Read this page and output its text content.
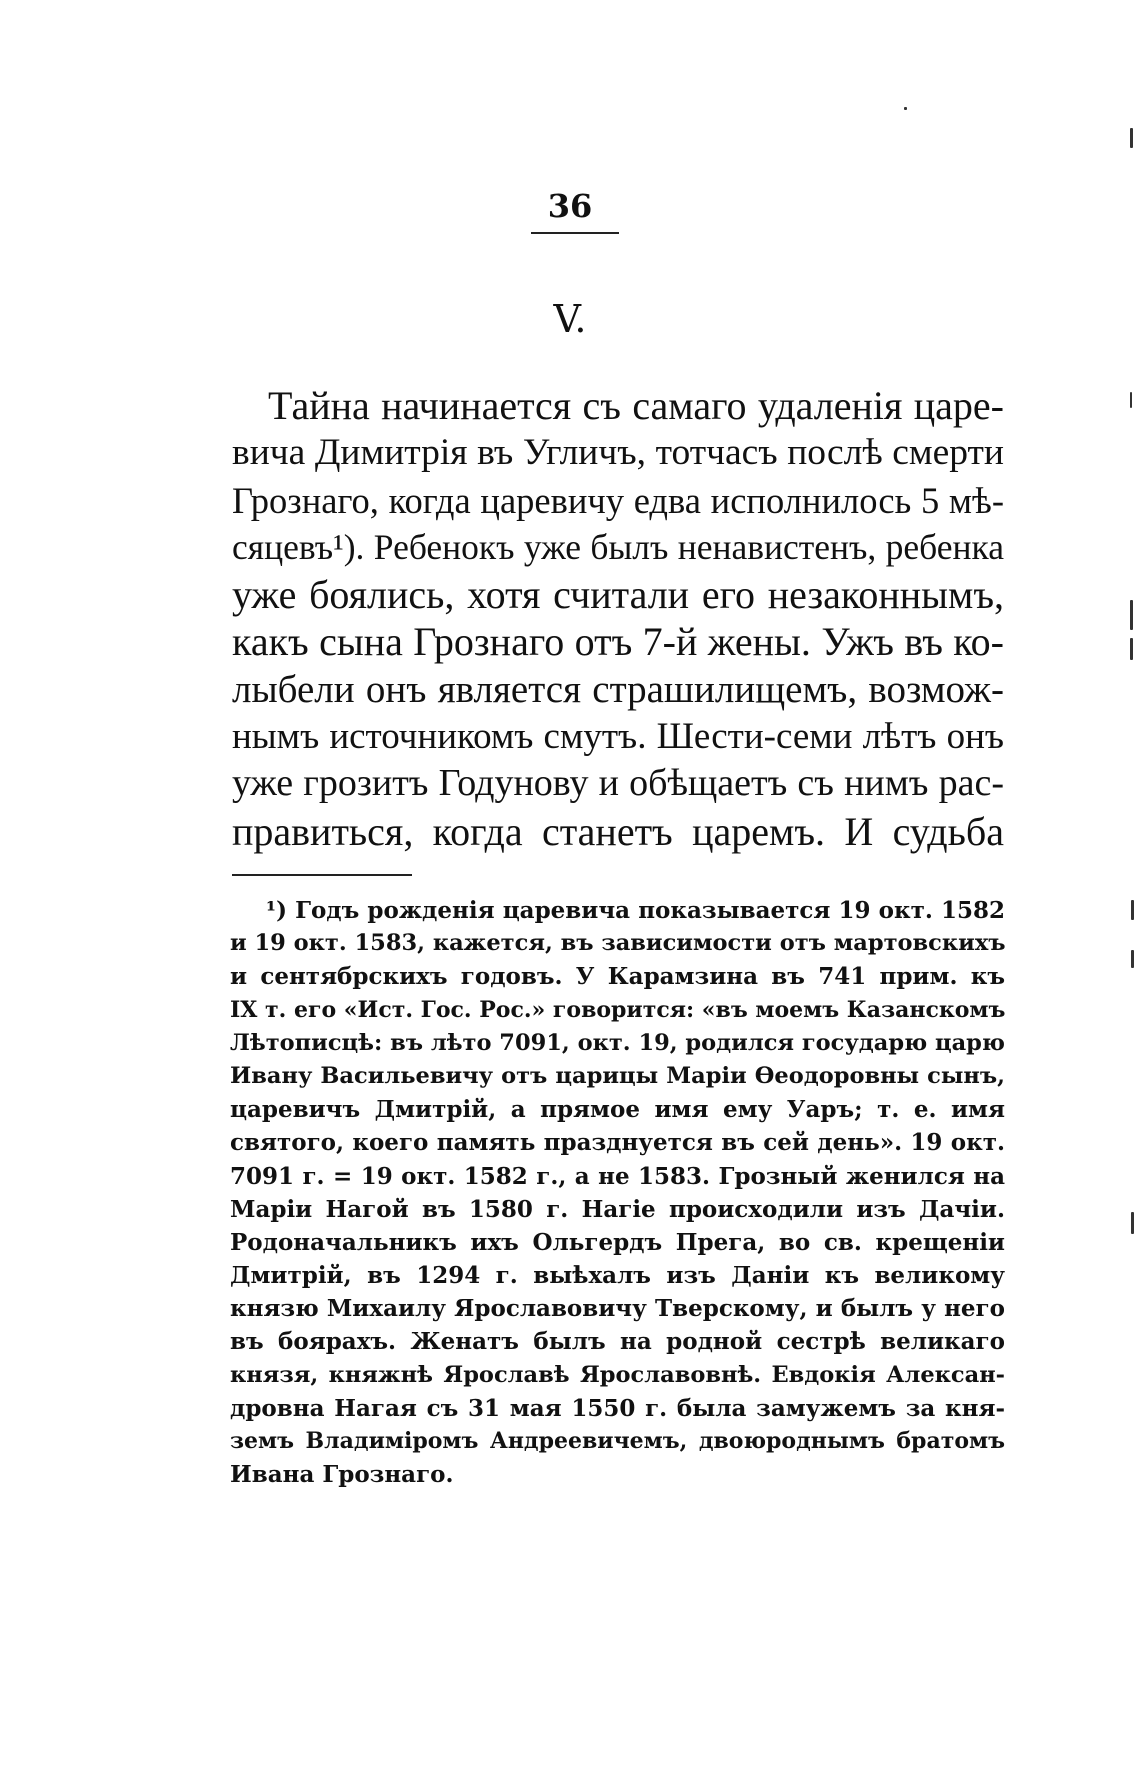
36
V.
Тайна начинается съ самаго удаленія царе-
вича Димитрія въ Угличъ, тотчасъ послѣ смерти
Грознаго, когда царевичу едва исполнилось 5 мѣ-
сяцевъ¹). Ребенокъ уже былъ ненавистенъ, ребенка
уже боялись, хотя считали его незаконнымъ,
какъ сына Грознаго отъ 7-й жены. Ужъ въ ко-
лыбели онъ является страшилищемъ, возмож-
нымъ источникомъ смутъ. Шести-семи лѣтъ онъ
уже грозитъ Годунову и обѣщаетъ съ нимъ рас-
правиться, когда станетъ царемъ. И судьба
¹) Годъ рожденія царевича показывается 19 окт. 1582
и 19 окт. 1583, кажется, въ зависимости отъ мартовскихъ
и сентябрскихъ годовъ. У Карамзина въ 741 прим. къ
IX т. его «Ист. Гос. Рос.» говорится: «въ моемъ Казанскомъ
Лѣтописцѣ: въ лѣто 7091, окт. 19, родился государю царю
Ивану Васильевичу отъ царицы Маріи Ѳеодоровны сынъ,
царевичъ Дмитрій, а прямое имя ему Уаръ; т. е. имя
святого, коего память празднуется въ сей день». 19 окт.
7091 г. = 19 окт. 1582 г., а не 1583. Грозный женился на
Маріи Нагой въ 1580 г. Нагіе происходили изъ Дачіи.
Родоначальникъ ихъ Ольгердъ Прега, во св. крещеніи
Дмитрій, въ 1294 г. выѣхалъ изъ Даніи къ великому
князю Михаилу Ярославовичу Тверскому, и былъ у него
въ боярахъ. Женатъ былъ на родной сестрѣ великаго
князя, княжнѣ Ярославѣ Ярославовнѣ. Евдокія Алексан-
дровна Нагая съ 31 мая 1550 г. была замужемъ за кня-
земъ Владиміромъ Андреевичемъ, двоюроднымъ братомъ
Ивана Грознаго.
